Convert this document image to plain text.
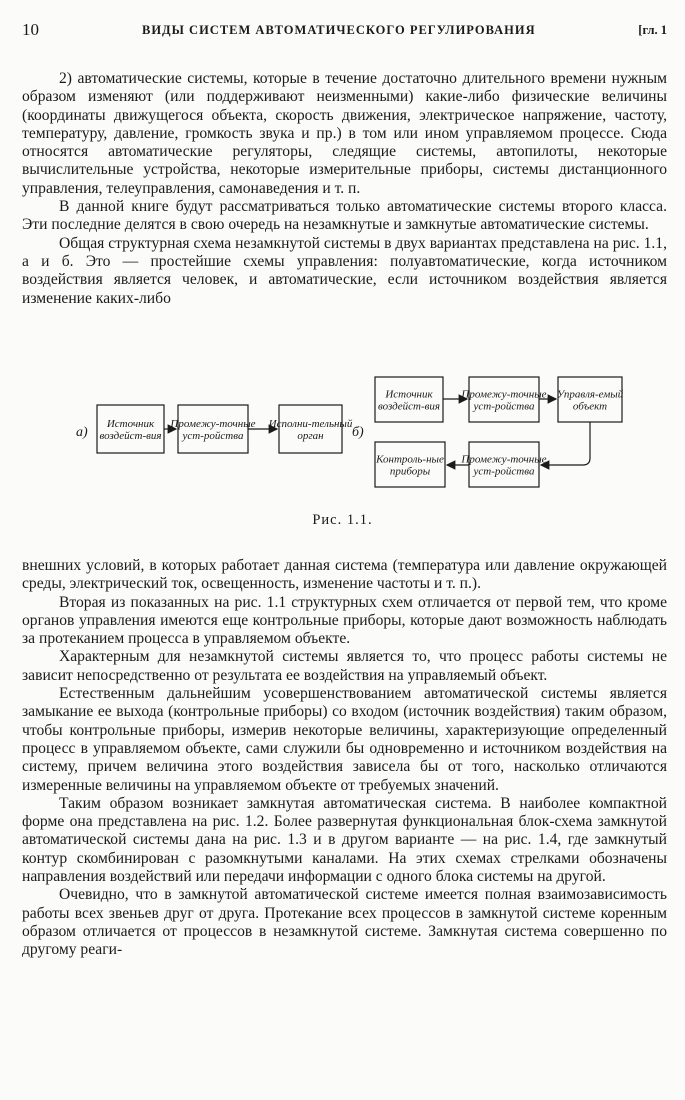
10	ВИДЫ СИСТЕМ АВТОМАТИЧЕСКОГО РЕГУЛИРОВАНИЯ	[гл. 1

2) автоматические системы, которые в течение достаточно длительного времени нужным образом изменяют (или поддерживают неизменными) какие-либо физические величины (координаты движущегося объекта, скорость движения, электрическое напряжение, частоту, температуру, давление, громкость звука и пр.) в том или ином управляемом процессе. Сюда относятся автоматические регуляторы, следящие системы, автопилоты, некоторые вычислительные устройства, некоторые измерительные приборы, системы дистанционного управления, телеуправления, самонаведения и т. п.

В данной книге будут рассматриваться только автоматические системы второго класса. Эти последние делятся в свою очередь на незамкнутые и замкнутые автоматические системы.

Общая структурная схема незамкнутой системы в двух вариантах представлена на рис. 1.1, а и б. Это — простейшие схемы управления: полуавтоматические, когда источником воздействия является человек, и автоматические, если источником воздействия является изменение каких-либо

а)	б)
Источник воздейст-вия
Промежу-точные уст-ройства
Исполни-тельный орган
Источник воздейст-вия
Промежу-точные уст-ройства
Управля-емый объект
Промежу-точные уст-ройства
Контроль-ные приборы
Рис. 1.1.

внешних условий, в которых работает данная система (температура или давление окружающей среды, электрический ток, освещенность, изменение частоты и т. п.).

Вторая из показанных на рис. 1.1 структурных схем отличается от первой тем, что кроме органов управления имеются еще контрольные приборы, которые дают возможность наблюдать за протеканием процесса в управляемом объекте.

Характерным для незамкнутой системы является то, что процесс работы системы не зависит непосредственно от результата ее воздействия на управляемый объект.

Естественным дальнейшим усовершенствованием автоматической системы является замыкание ее выхода (контрольные приборы) со входом (источник воздействия) таким образом, чтобы контрольные приборы, измерив некоторые величины, характеризующие определенный процесс в управляемом объекте, сами служили бы одновременно и источником воздействия на систему, причем величина этого воздействия зависела бы от того, насколько отличаются измеренные величины на управляемом объекте от требуемых значений.

Таким образом возникает замкнутая автоматическая система. В наиболее компактной форме она представлена на рис. 1.2. Более развернутая функциональная блок-схема замкнутой автоматической системы дана на рис. 1.3 и в другом варианте — на рис. 1.4, где замкнутый контур скомбинирован с разомкнутыми каналами. На этих схемах стрелками обозначены направления воздействий или передачи информации с одного блока системы на другой.

Очевидно, что в замкнутой автоматической системе имеется полная взаимозависимость работы всех звеньев друг от друга. Протекание всех процессов в замкнутой системе коренным образом отличается от процессов в незамкнутой системе. Замкнутая система совершенно по другому реаги-
